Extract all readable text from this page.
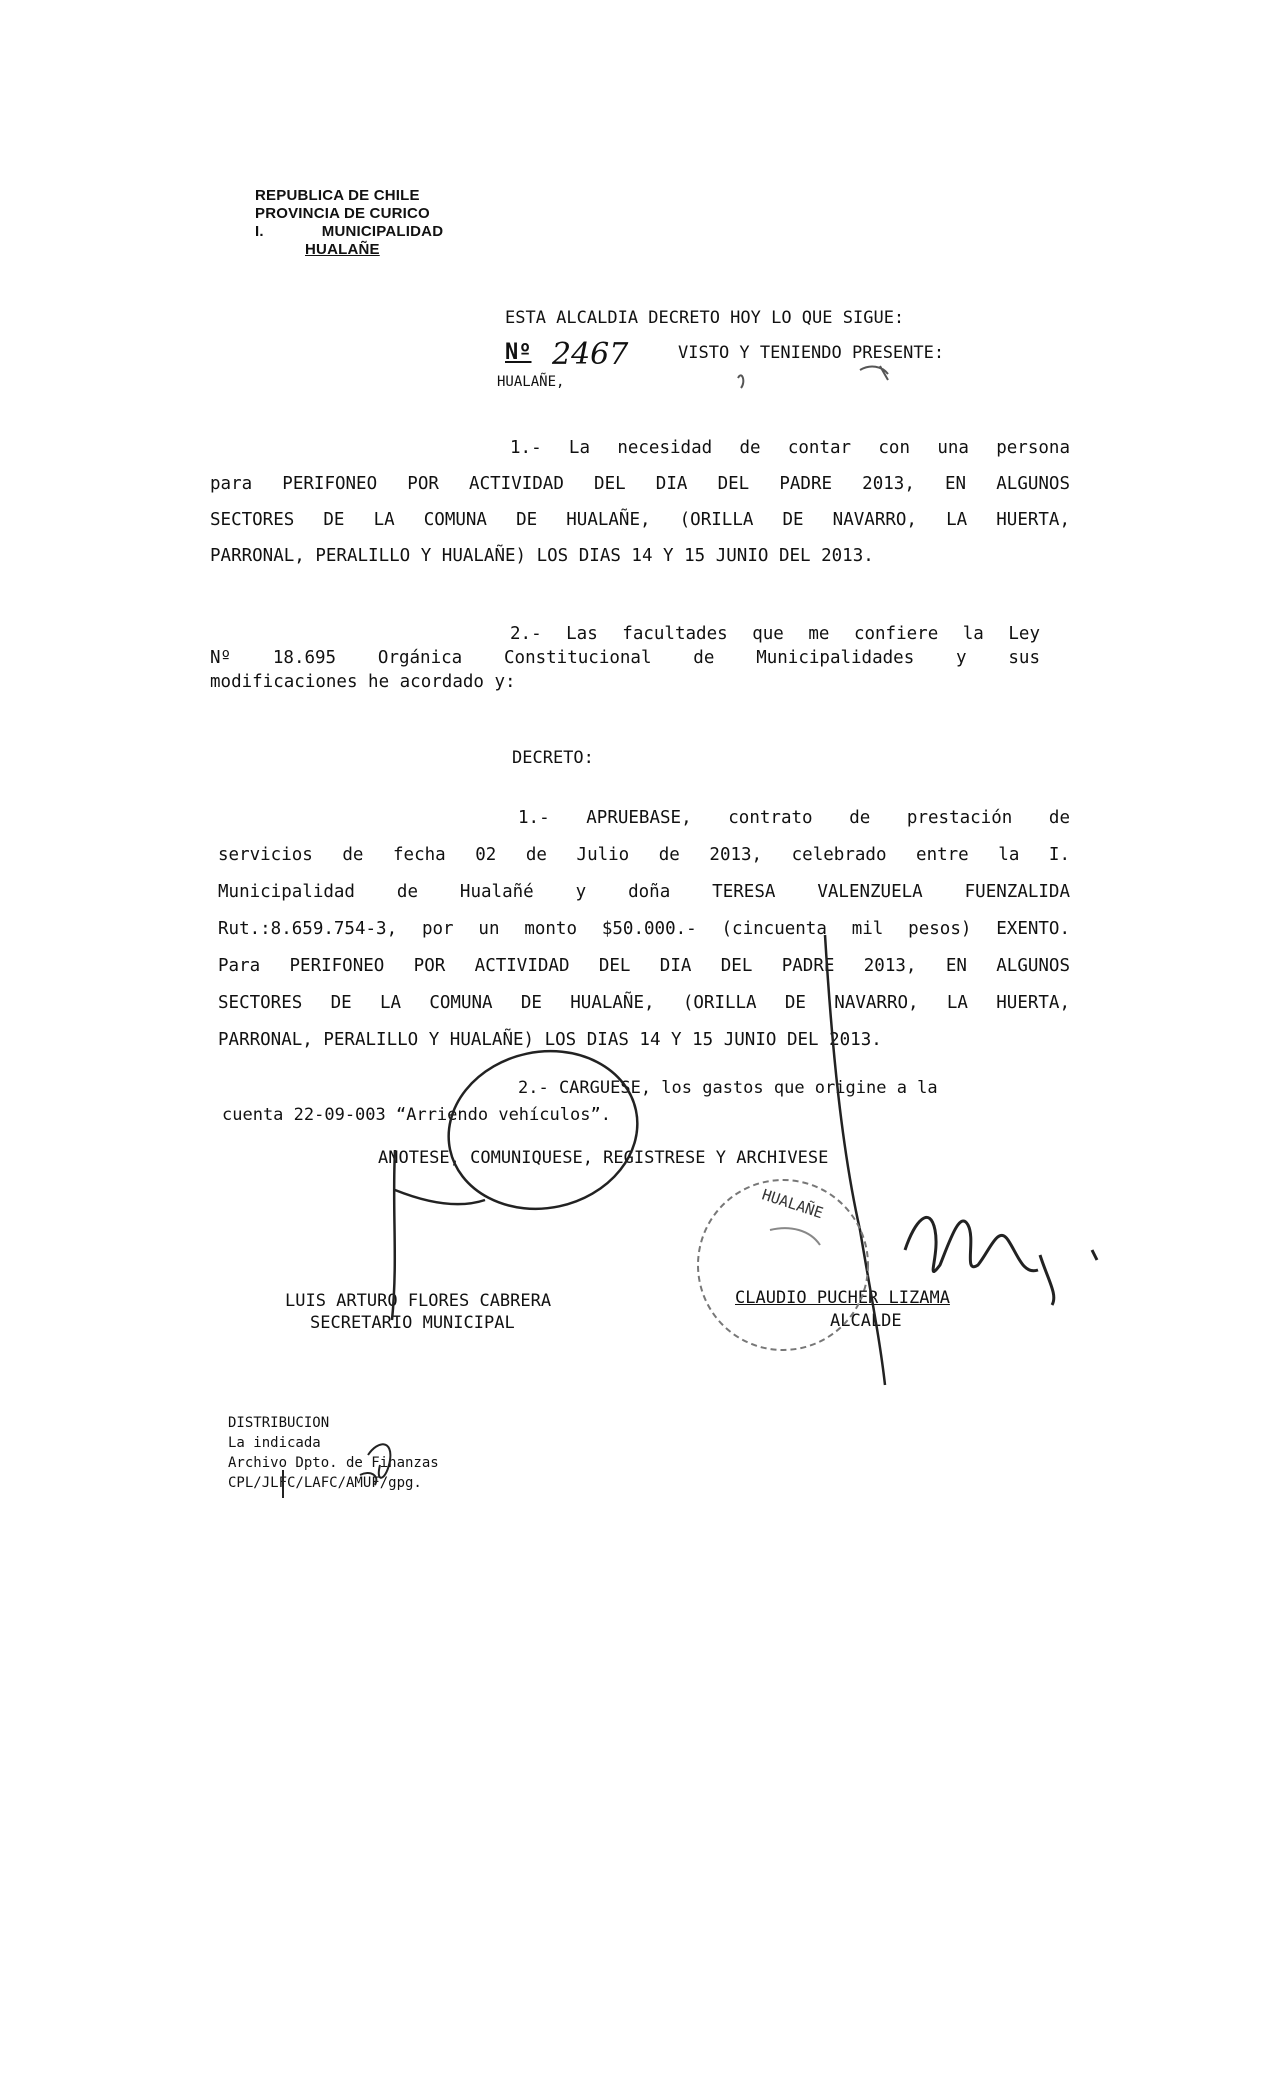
REPUBLICA DE CHILE
PROVINCIA DE CURICO
I.	MUNICIPALIDAD
HUALAÑE
ESTA ALCALDIA DECRETO HOY LO QUE SIGUE:
Nº 2467	VISTO Y TENIENDO PRESENTE:
HUALAÑE,
1.- La necesidad de contar con una persona
para PERIFONEO POR ACTIVIDAD DEL DIA DEL PADRE 2013, EN ALGUNOS
SECTORES DE LA COMUNA DE HUALAÑE, (ORILLA DE NAVARRO, LA HUERTA,
PARRONAL, PERALILLO Y HUALAÑE) LOS DIAS 14 Y 15 JUNIO DEL 2013.
2.- Las facultades que me confiere la Ley
Nº 18.695 Orgánica Constitucional de Municipalidades y sus
modificaciones he acordado y:
DECRETO:
1.- APRUEBASE, contrato de prestación de
servicios de fecha 02 de Julio de 2013, celebrado entre la I.
Municipalidad de Hualañé y doña TERESA VALENZUELA FUENZALIDA
Rut.:8.659.754-3, por un monto $50.000.- (cincuenta mil pesos) EXENTO.
Para PERIFONEO POR ACTIVIDAD DEL DIA DEL PADRE 2013, EN ALGUNOS
SECTORES DE LA COMUNA DE HUALAÑE, (ORILLA DE NAVARRO, LA HUERTA,
PARRONAL, PERALILLO Y HUALAÑE) LOS DIAS 14 Y 15 JUNIO DEL 2013.
2.- CARGUESE, los gastos que origine a la
cuenta 22-09-003 “Arriendo vehículos”.
ANOTESE, COMUNIQUESE, REGISTRESE Y ARCHIVESE
LUIS ARTURO FLORES CABRERA
SECRETARIO MUNICIPAL
CLAUDIO PUCHER LIZAMA
ALCALDE
DISTRIBUCION
La indicada
Archivo Dpto. de Finanzas
CPL/JLFC/LAFC/AMUF/gpg.
HUALAÑE
